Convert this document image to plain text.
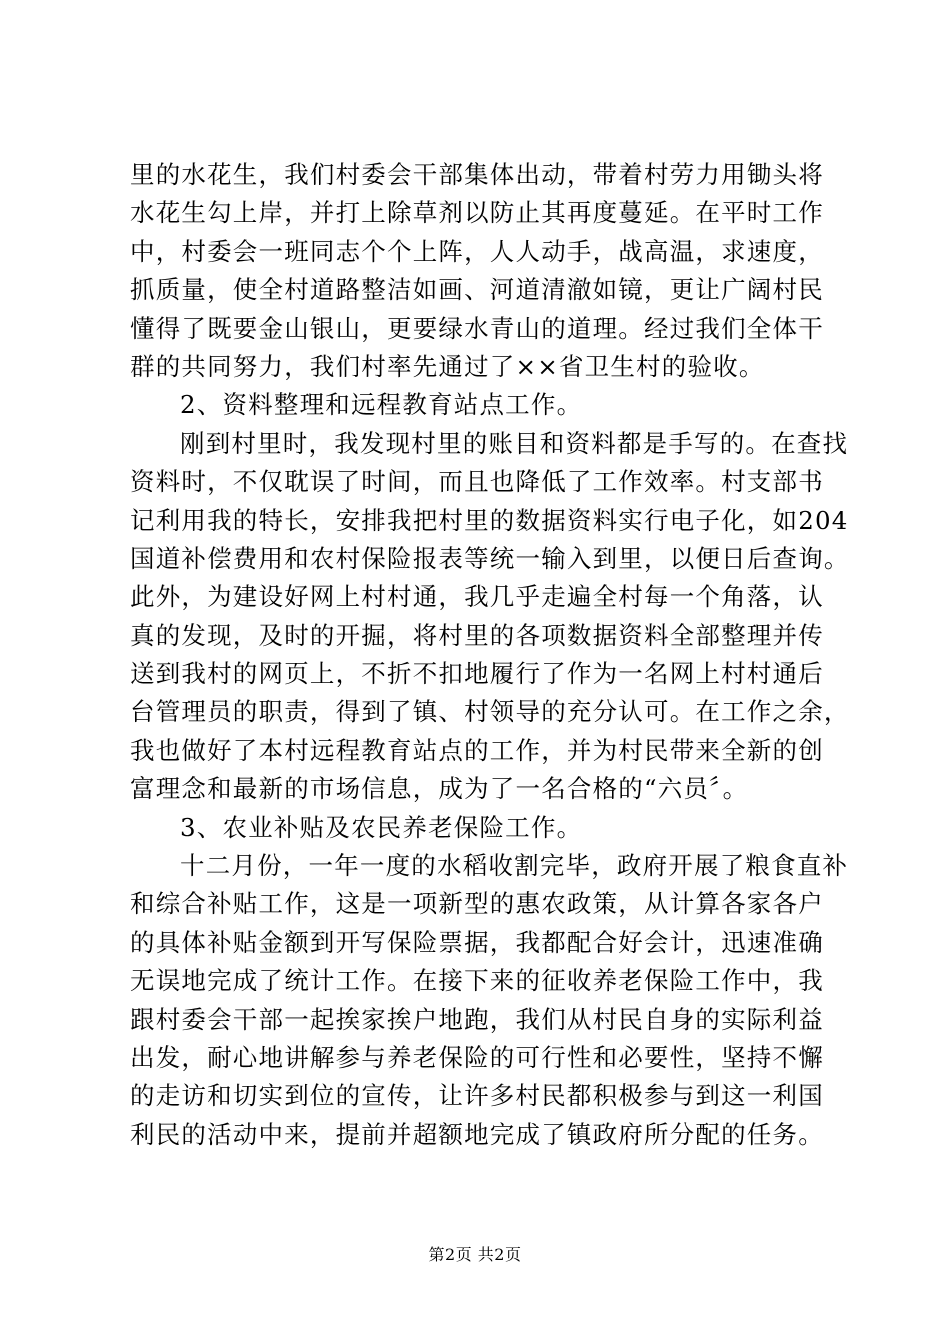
里的水花生，我们村委会干部集体出动，带着村劳力用锄头将
水花生勾上岸，并打上除草剂以防止其再度蔓延。在平时工作
中，村委会一班同志个个上阵，人人动手，战高温，求速度，
抓质量，使全村道路整洁如画、河道清澈如镜，更让广阔村民
懂得了既要金山银山，更要绿水青山的道理。经过我们全体干
群的共同努力，我们村率先通过了××省卫生村的验收。
2、资料整理和远程教育站点工作。
刚到村里时，我发现村里的账目和资料都是手写的。在查找
资料时，不仅耽误了时间，而且也降低了工作效率。村支部书
记利用我的特长，安排我把村里的数据资料实行电子化，如204
国道补偿费用和农村保险报表等统一输入到里，以便日后查询。
此外，为建设好网上村村通，我几乎走遍全村每一个角落，认
真的发现，及时的开掘，将村里的各项数据资料全部整理并传
送到我村的网页上，不折不扣地履行了作为一名网上村村通后
台管理员的职责，得到了镇、村领导的充分认可。在工作之余，
我也做好了本村远程教育站点的工作，并为村民带来全新的创
富理念和最新的市场信息，成为了一名合格的“六员〞。
3、农业补贴及农民养老保险工作。
十二月份，一年一度的水稻收割完毕，政府开展了粮食直补
和综合补贴工作，这是一项新型的惠农政策，从计算各家各户
的具体补贴金额到开写保险票据，我都配合好会计，迅速准确
无误地完成了统计工作。在接下来的征收养老保险工作中，我
跟村委会干部一起挨家挨户地跑，我们从村民自身的实际利益
出发，耐心地讲解参与养老保险的可行性和必要性，坚持不懈
的走访和切实到位的宣传，让许多村民都积极参与到这一利国
利民的活动中来，提前并超额地完成了镇政府所分配的任务。
第2页 共2页
